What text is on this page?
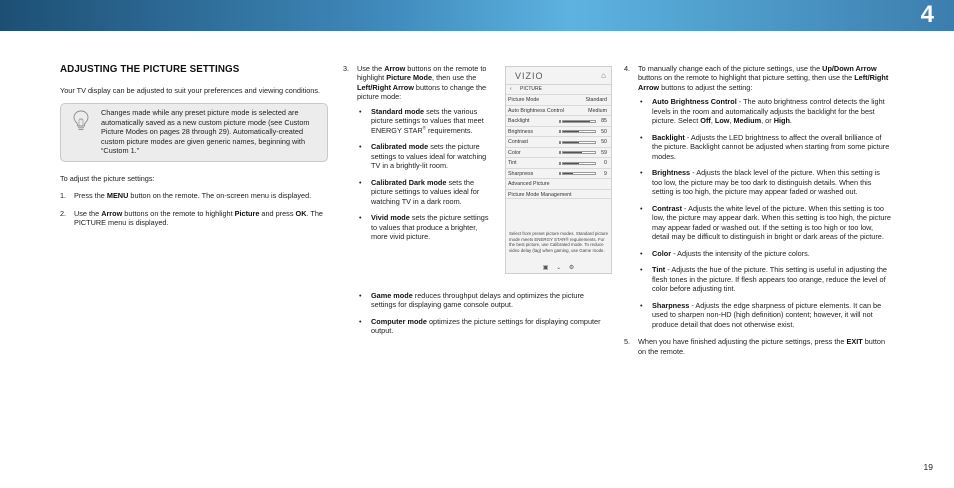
4
ADJUSTING THE PICTURE SETTINGS

Your TV display can be adjusted to suit your preferences and viewing conditions.

Changes made while any preset picture mode is selected are automatically saved as a new custom picture mode (see Custom Picture Modes on pages 28 through 29). Automatically-created custom picture modes are given generic names, beginning with “Custom 1.”

To adjust the picture settings:

1. Press the MENU button on the remote. The on-screen menu is displayed.
2. Use the Arrow buttons on the remote to highlight Picture and press OK. The PICTURE menu is displayed.
3. Use the Arrow buttons on the remote to highlight Picture Mode, then use the Left/Right Arrow buttons to change the picture mode:
• Standard mode sets the various picture settings to values that meet ENERGY STAR® requirements.
• Calibrated mode sets the picture settings to values ideal for watching TV in a brightly-lit room.
• Calibrated Dark mode sets the picture settings to values ideal for watching TV in a dark room.
• Vivid mode sets the picture settings to values that produce a brighter, more vivid picture.
• Game mode reduces throughput delays and optimizes the picture settings for displaying game console output.
• Computer mode optimizes the picture settings for displaying computer output.
VIZIO	⌂
‹ PICTURE
Picture Mode	Standard
Auto Brightness Control	Medium
Backlight	85
Brightness	50
Contrast	50
Color	59
Tint	0
Sharpness	9
Advanced Picture
Picture Mode Management
Select from preset picture modes. Standard picture mode meets ENERGY STAR® requirements. For the best picture, use Calibrated mode. To reduce video delay (lag) when gaming, use Game mode.
▣ ⌄ ⚙
4. To manually change each of the picture settings, use the Up/Down Arrow buttons on the remote to highlight that picture setting, then use the Left/Right Arrow buttons to adjust the setting:
• Auto Brightness Control - The auto brightness control detects the light levels in the room and automatically adjusts the backlight for the best picture. Select Off, Low, Medium, or High.
• Backlight - Adjusts the LED brightness to affect the overall brilliance of the picture. Backlight cannot be adjusted when starting from some picture modes.
• Brightness - Adjusts the black level of the picture. When this setting is too low, the picture may be too dark to distinguish details. When this setting is too high, the picture may appear faded or washed out.
• Contrast - Adjusts the white level of the picture. When this setting is too low, the picture may appear dark. When this setting is too high, the picture may appear faded or washed out. If the setting is too high or too low, detail may be difficult to distinguish in bright or dark areas of the picture.
• Color - Adjusts the intensity of the picture colors.
• Tint - Adjusts the hue of the picture. This setting is useful in adjusting the flesh tones in the picture. If flesh appears too orange, reduce the level of color before adjusting tint.
• Sharpness - Adjusts the edge sharpness of picture elements. It can be used to sharpen non-HD (high definition) content; however, it will not produce detail that does not otherwise exist.
5. When you have finished adjusting the picture settings, press the EXIT button on the remote.
19
